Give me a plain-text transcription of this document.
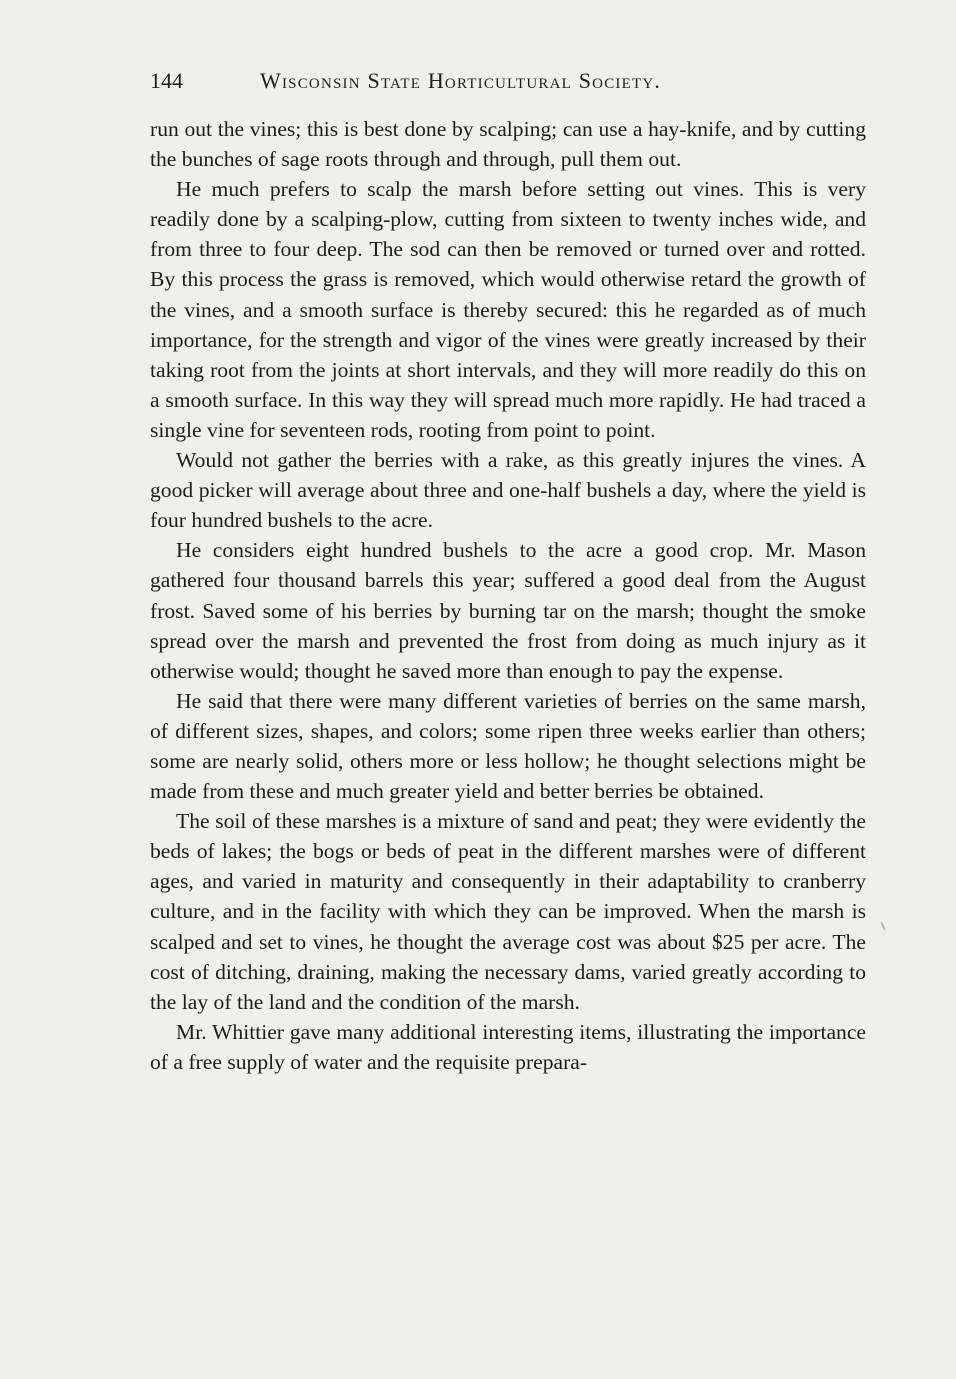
144	Wisconsin State Horticultural Society.

run out the vines; this is best done by scalping; can use a hay-knife, and by cutting the bunches of sage roots through and through, pull them out.

He much prefers to scalp the marsh before setting out vines. This is very readily done by a scalping-plow, cutting from sixteen to twenty inches wide, and from three to four deep. The sod can then be removed or turned over and rotted. By this process the grass is removed, which would otherwise retard the growth of the vines, and a smooth surface is thereby secured: this he regarded as of much importance, for the strength and vigor of the vines were greatly increased by their taking root from the joints at short intervals, and they will more readily do this on a smooth surface. In this way they will spread much more rapidly. He had traced a single vine for seventeen rods, rooting from point to point.

Would not gather the berries with a rake, as this greatly injures the vines. A good picker will average about three and one-half bushels a day, where the yield is four hundred bushels to the acre.

He considers eight hundred bushels to the acre a good crop. Mr. Mason gathered four thousand barrels this year; suffered a good deal from the August frost. Saved some of his berries by burning tar on the marsh; thought the smoke spread over the marsh and prevented the frost from doing as much injury as it otherwise would; thought he saved more than enough to pay the expense.

He said that there were many different varieties of berries on the same marsh, of different sizes, shapes, and colors; some ripen three weeks earlier than others; some are nearly solid, others more or less hollow; he thought selections might be made from these and much greater yield and better berries be obtained.

The soil of these marshes is a mixture of sand and peat; they were evidently the beds of lakes; the bogs or beds of peat in the different marshes were of different ages, and varied in maturity and consequently in their adaptability to cranberry culture, and in the facility with which they can be improved. When the marsh is scalped and set to vines, he thought the average cost was about $25 per acre. The cost of ditching, draining, making the necessary dams, varied greatly according to the lay of the land and the condition of the marsh.

Mr. Whittier gave many additional interesting items, illustrating the importance of a free supply of water and the requisite prepara-
